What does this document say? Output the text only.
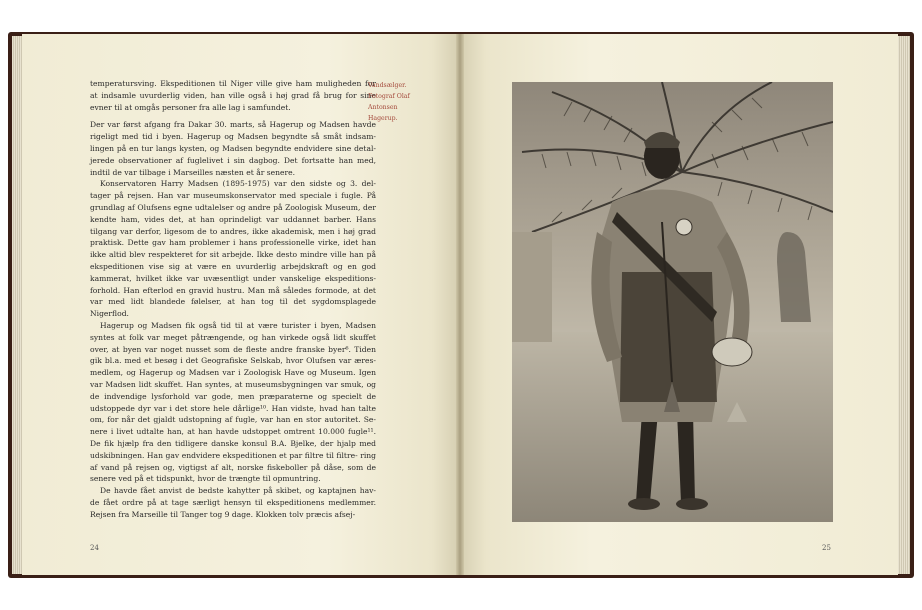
temperatursving. Ekspeditionen til Niger ville give ham muligheden for at indsamle uvurderlig viden, han ville også i høj grad få brug for sine evner til at omgås personer fra alle lag i samfundet.

Der var først afgang fra Dakar 30. marts, så Hagerup og Madsen havde rigeligt med tid i byen. Hagerup og Madsen begyndte så småt indsam- lingen på en tur langs kysten, og Madsen begyndte endvidere sine detal- jerede observationer af fuglelivet i sin dagbog. Det fortsatte han med, indtil de var tilbage i Marseilles næsten et år senere.

Konservatoren Harry Madsen (1895-1975) var den sidste og 3. del- tager på rejsen. Han var museumskonservator med speciale i fugle. På grundlag af Olufsens egne udtalelser og andre på Zoologisk Museum, der kendte ham, vides det, at han oprindeligt var uddannet barber. Hans tilgang var derfor, ligesom de to andres, ikke akademisk, men i høj grad praktisk. Dette gav ham problemer i hans professionelle virke, idet han ikke altid blev respekteret for sit arbejde. Ikke desto mindre ville han på ekspeditionen vise sig at være en uvurderlig arbejdskraft og en god kammerat, hvilket ikke var uvæsentligt under vanskelige ekspeditions- forhold. Han efterlod en gravid hustru. Man må således formode, at det var med lidt blandede følelser, at han tog til det sygdomsplagede Nigerflod.

Hagerup og Madsen fik også tid til at være turister i byen, Madsen syntes at folk var meget påtrængende, og han virkede også lidt skuffet over, at byen var noget nusset som de fleste andre franske byer⁶. Tiden gik bl.a. med et besøg i det Geografiske Selskab, hvor Olufsen var æres- medlem, og Hagerup og Madsen var i Zoologisk Have og Museum. Igen var Madsen lidt skuffet. Han syntes, at museumsbygningen var smuk, og de indvendige lysforhold var gode, men præparaterne og specielt de udstoppede dyr var i det store hele dårlige¹⁰. Han vidste, hvad han talte om, for når det gjaldt udstopning af fugle, var han en stor autoritet. Se- nere i livet udtalte han, at han havde udstoppet omtrent 10.000 fugle¹¹. De fik hjælp fra den tidligere danske konsul B.A. Bjelke, der hjalp med udskibningen. Han gav endvidere ekspeditionen et par filtre til filtre- ring af vand på rejsen og, vigtigst af alt, norske fiskeboller på dåse, som de senere ved på et tidspunkt, hvor de trængte til opmuntring.

De havde fået anvist de bedste kahytter på skibet, og kaptajnen hav- de fået ordre på at tage særligt hensyn til ekspeditionens medlemmer. Rejsen fra Marseille til Tanger tog 9 dage. Klokken tolv præcis afsej-

24
Vandsælger.
Fotograf Olaf
Antonsen
Hagerup.
25
